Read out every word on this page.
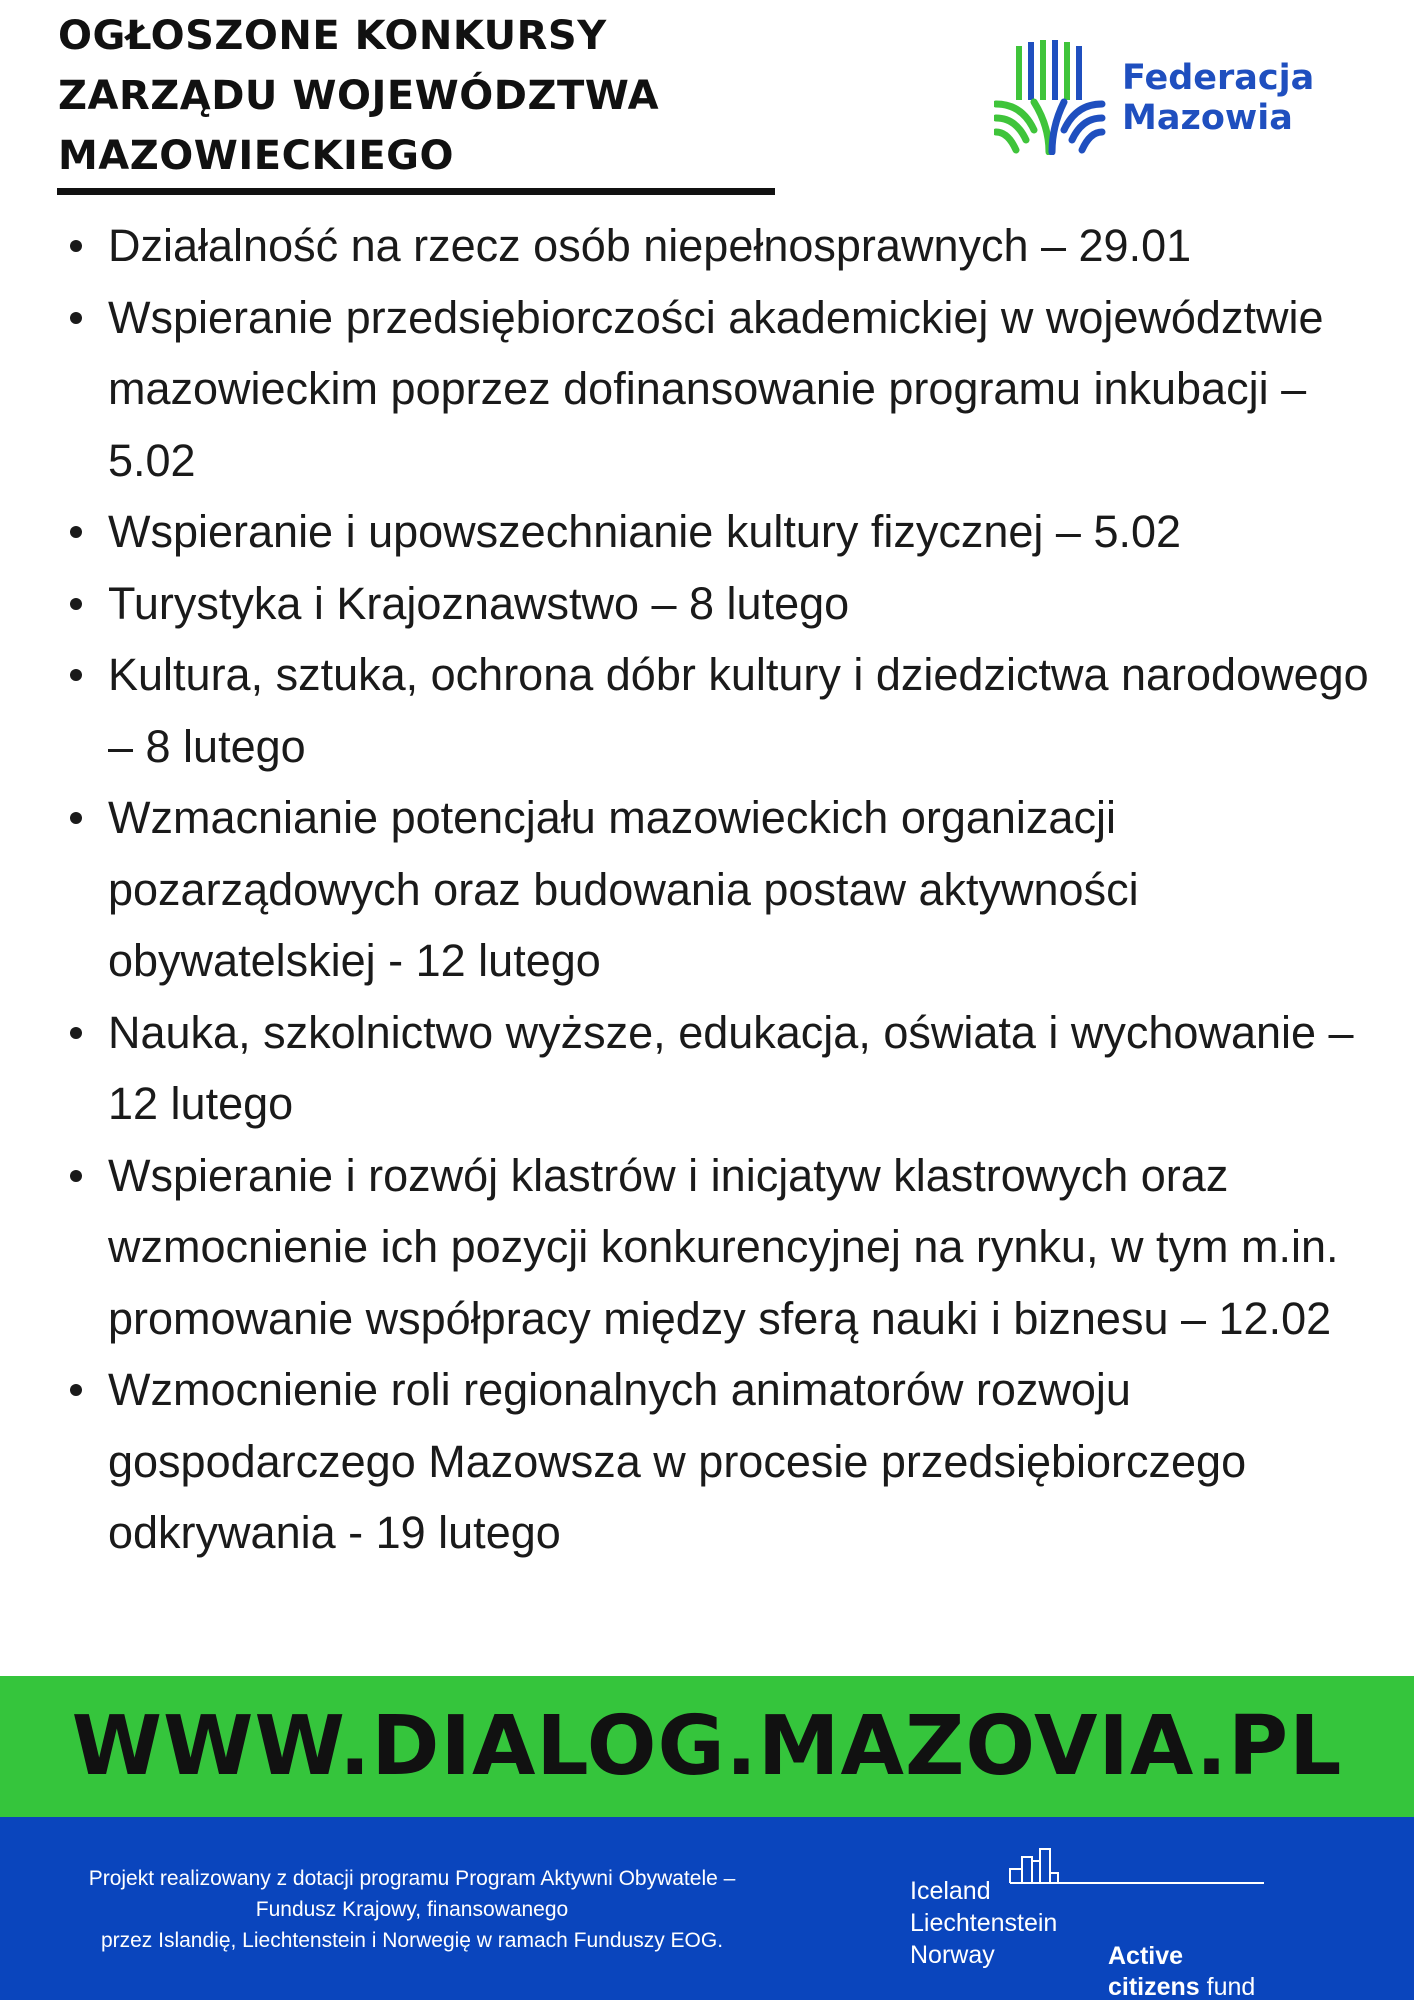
OGŁOSZONE KONKURSY
ZARZĄDU WOJEWÓDZTWA
MAZOWIECKIEGO
Federacja
Mazowia
Działalność na rzecz osób niepełnosprawnych – 29.01
Wspieranie przedsiębiorczości akademickiej w województwie mazowieckim poprzez dofinansowanie programu inkubacji – 5.02
Wspieranie i upowszechnianie kultury fizycznej – 5.02
Turystyka i Krajoznawstwo – 8 lutego
Kultura, sztuka, ochrona dóbr kultury i dziedzictwa narodowego – 8 lutego
Wzmacnianie potencjału mazowieckich organizacji pozarządowych oraz budowania postaw aktywności obywatelskiej - 12 lutego
Nauka, szkolnictwo wyższe, edukacja, oświata i wychowanie – 12 lutego
Wspieranie i rozwój klastrów i inicjatyw klastrowych oraz wzmocnienie ich pozycji konkurencyjnej na rynku, w tym m.in. promowanie współpracy między sferą nauki i biznesu – 12.02
Wzmocnienie roli regionalnych animatorów rozwoju gospodarczego Mazowsza w procesie przedsiębiorczego odkrywania - 19 lutego
WWW.DIALOG.MAZOVIA.PL
Projekt realizowany z dotacji programu Program Aktywni Obywatele –
Fundusz Krajowy, finansowanego
przez Islandię, Liechtenstein i Norwegię w ramach Funduszy EOG.
Iceland
Liechtenstein
Norway	Active
citizens fund
